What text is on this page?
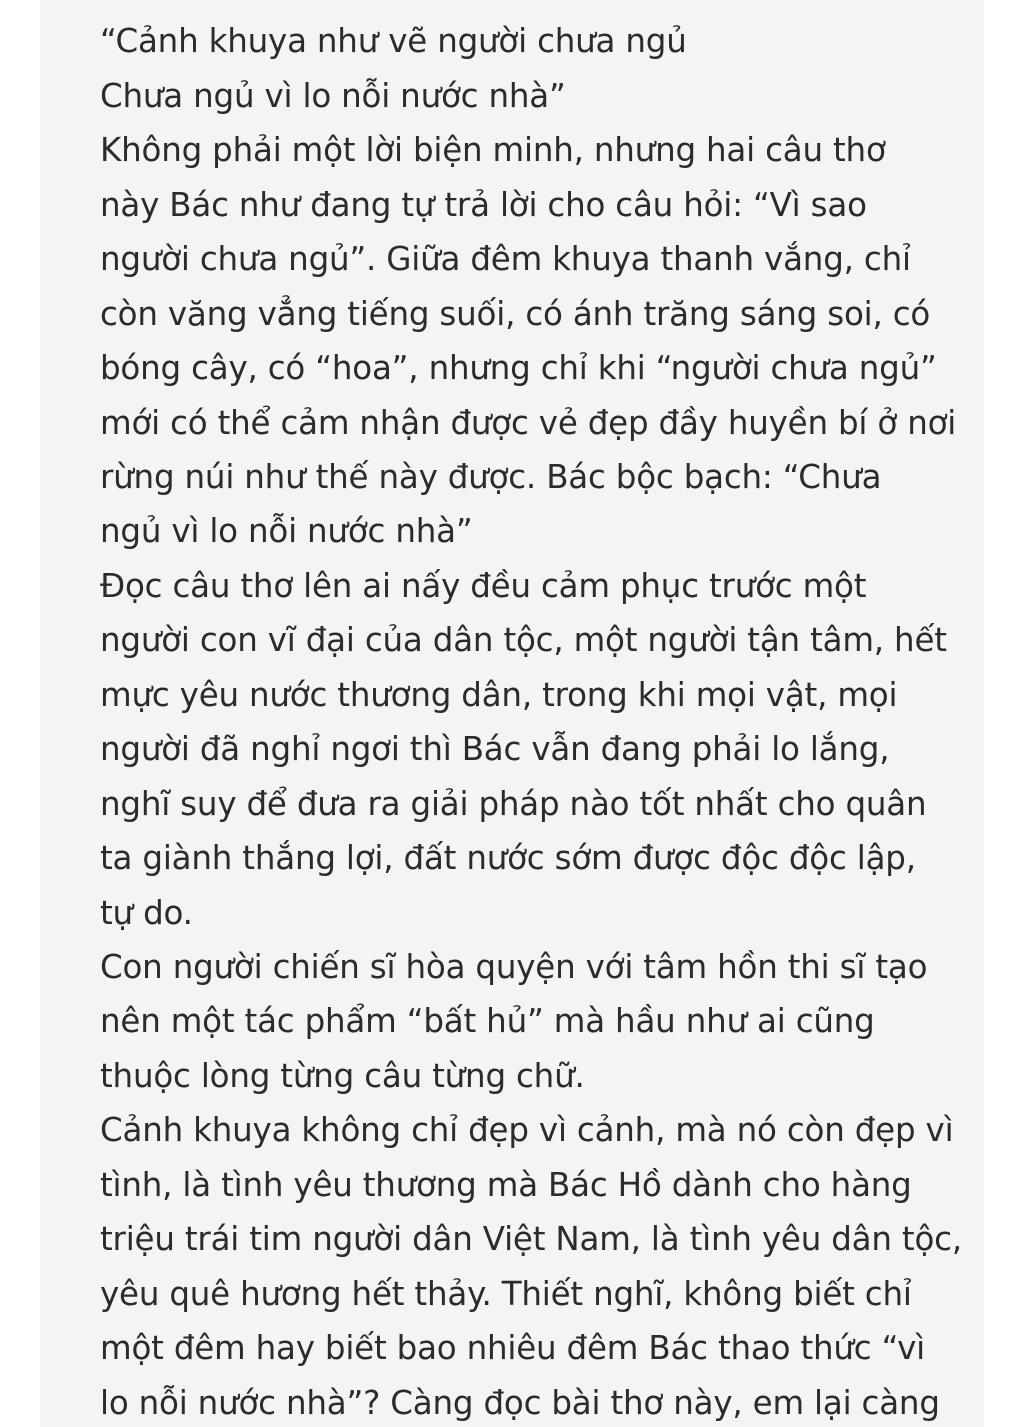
“Cảnh khuya như vẽ người chưa ngủ
Chưa ngủ vì lo nỗi nước nhà”
Không phải một lời biện minh, nhưng hai câu thơ
này Bác như đang tự trả lời cho câu hỏi: “Vì sao
người chưa ngủ”. Giữa đêm khuya thanh vắng, chỉ
còn văng vẳng tiếng suối, có ánh trăng sáng soi, có
bóng cây, có “hoa”, nhưng chỉ khi “người chưa ngủ”
mới có thể cảm nhận được vẻ đẹp đầy huyền bí ở nơi
rừng núi như thế này được. Bác bộc bạch: “Chưa
ngủ vì lo nỗi nước nhà”
Đọc câu thơ lên ai nấy đều cảm phục trước một
người con vĩ đại của dân tộc, một người tận tâm, hết
mực yêu nước thương dân, trong khi mọi vật, mọi
người đã nghỉ ngơi thì Bác vẫn đang phải lo lắng,
nghĩ suy để đưa ra giải pháp nào tốt nhất cho quân
ta giành thắng lợi, đất nước sớm được độc độc lập,
tự do.
Con người chiến sĩ hòa quyện với tâm hồn thi sĩ tạo
nên một tác phẩm “bất hủ” mà hầu như ai cũng
thuộc lòng từng câu từng chữ.
Cảnh khuya không chỉ đẹp vì cảnh, mà nó còn đẹp vì
tình, là tình yêu thương mà Bác Hồ dành cho hàng
triệu trái tim người dân Việt Nam, là tình yêu dân tộc,
yêu quê hương hết thảy. Thiết nghĩ, không biết chỉ
một đêm hay biết bao nhiêu đêm Bác thao thức “vì
lo nỗi nước nhà”? Càng đọc bài thơ này, em lại càng
